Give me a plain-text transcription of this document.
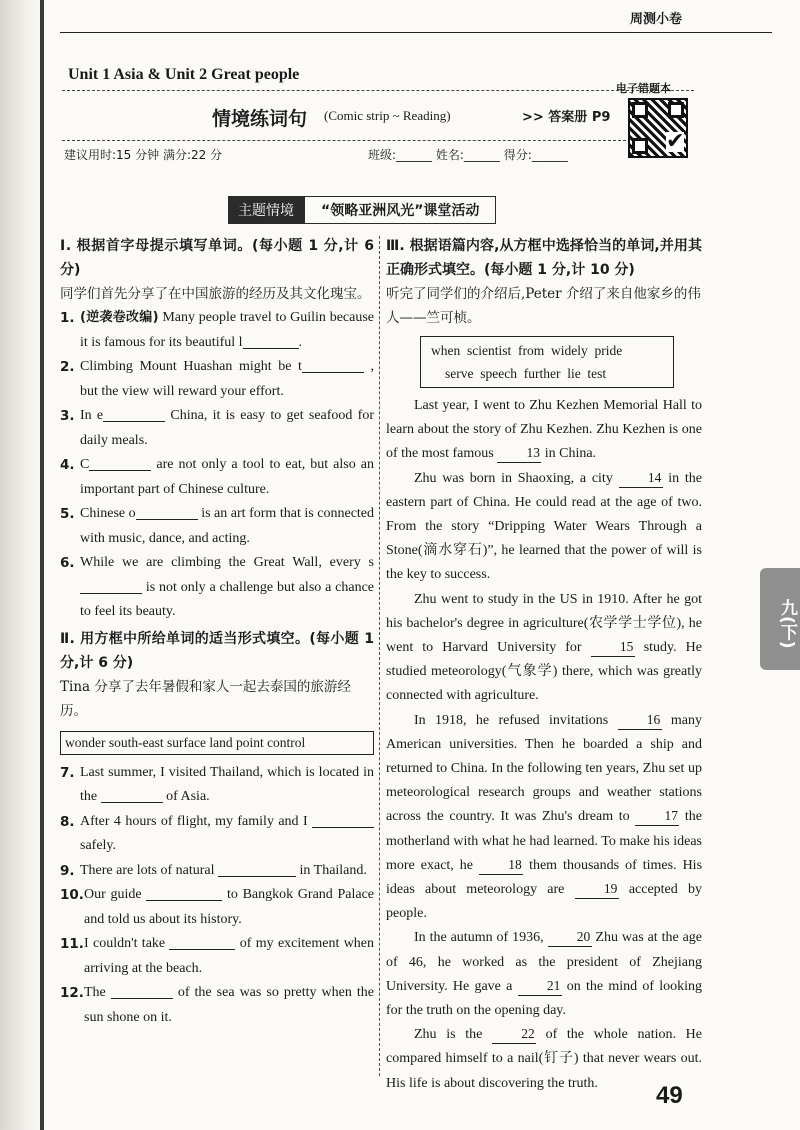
周测小卷
Unit 1 Asia & Unit 2 Great people
情境练词句 (Comic strip ~ Reading)	>> 答案册 P9
电子错题本
✔
建议用时:15 分钟 满分:22 分	班级:______ 姓名:______ 得分:______
主题情境	“领略亚洲风光”课堂活动
Ⅰ. 根据首字母提示填写单词。(每小题 1 分,计 6 分)
同学们首先分享了在中国旅游的经历及其文化瑰宝。
1. (逆袭卷改编) Many people travel to Guilin because it is famous for its beautiful l	.
2. Climbing Mount Huashan might be t	, but the view will reward your effort.
3. In e	China, it is easy to get seafood for daily meals.
4. C	are not only a tool to eat, but also an important part of Chinese culture.
5. Chinese o	is an art form that is connected with music, dance, and acting.
6. While we are climbing the Great Wall, every s is not only a challenge but also a chance to feel its beauty.
Ⅱ. 用方框中所给单词的适当形式填空。(每小题 1 分,计 6 分)
Tina 分享了去年暑假和家人一起去泰国的旅游经历。
wonder south-east surface land point control
7. Last summer, I visited Thailand, which is located in the	of Asia.
8. After 4 hours of flight, my family and I  safely.
9. There are lots of natural	in Thailand.
10. Our guide	to Bangkok Grand Palace and told us about its history.
11. I couldn't take	of my excitement when arriving at the beach.
12. The	of the sea was so pretty when the sun shone on it.
Ⅲ. 根据语篇内容,从方框中选择恰当的单词,并用其正确形式填空。(每小题 1 分,计 10 分)
听完了同学们的介绍后,Peter 介绍了来自他家乡的伟人——竺可桢。
when  scientist  from  widely  pride
serve  speech  further  lie  test
Last year, I went to Zhu Kezhen Memorial Hall to learn about the story of Zhu Kezhen. Zhu Kezhen is one of the most famous 13 in China.
Zhu was born in Shaoxing, a city	14 in the eastern part of China. He could read at the age of two. From the story “Dripping Water Wears Through a Stone(滴水穿石)”, he learned that the power of will is the key to success.
Zhu went to study in the US in 1910. After he got his bachelor's degree in agriculture(农学学士学位), he went to Harvard University for	15 study. He studied meteorology(气象学) there, which was greatly connected with agriculture.
In 1918, he refused invitations	16 many American universities. Then he boarded a ship and returned to China. In the following ten years, Zhu set up meteorological research groups and weather stations across the country. It was Zhu's dream to	17 the motherland with what he had learned. To make his ideas more exact, he	18 them thousands of times. His ideas about meteorology are	19 accepted by people.
In the autumn of 1936, 20 Zhu was at the age of 46, he worked as the president of Zhejiang University. He gave a	21 on the mind of looking for the truth on the opening day.
Zhu is the	22 of the whole nation. He compared himself to a nail(钉子) that never wears out. His life is about discovering the truth.
九(下)
49
